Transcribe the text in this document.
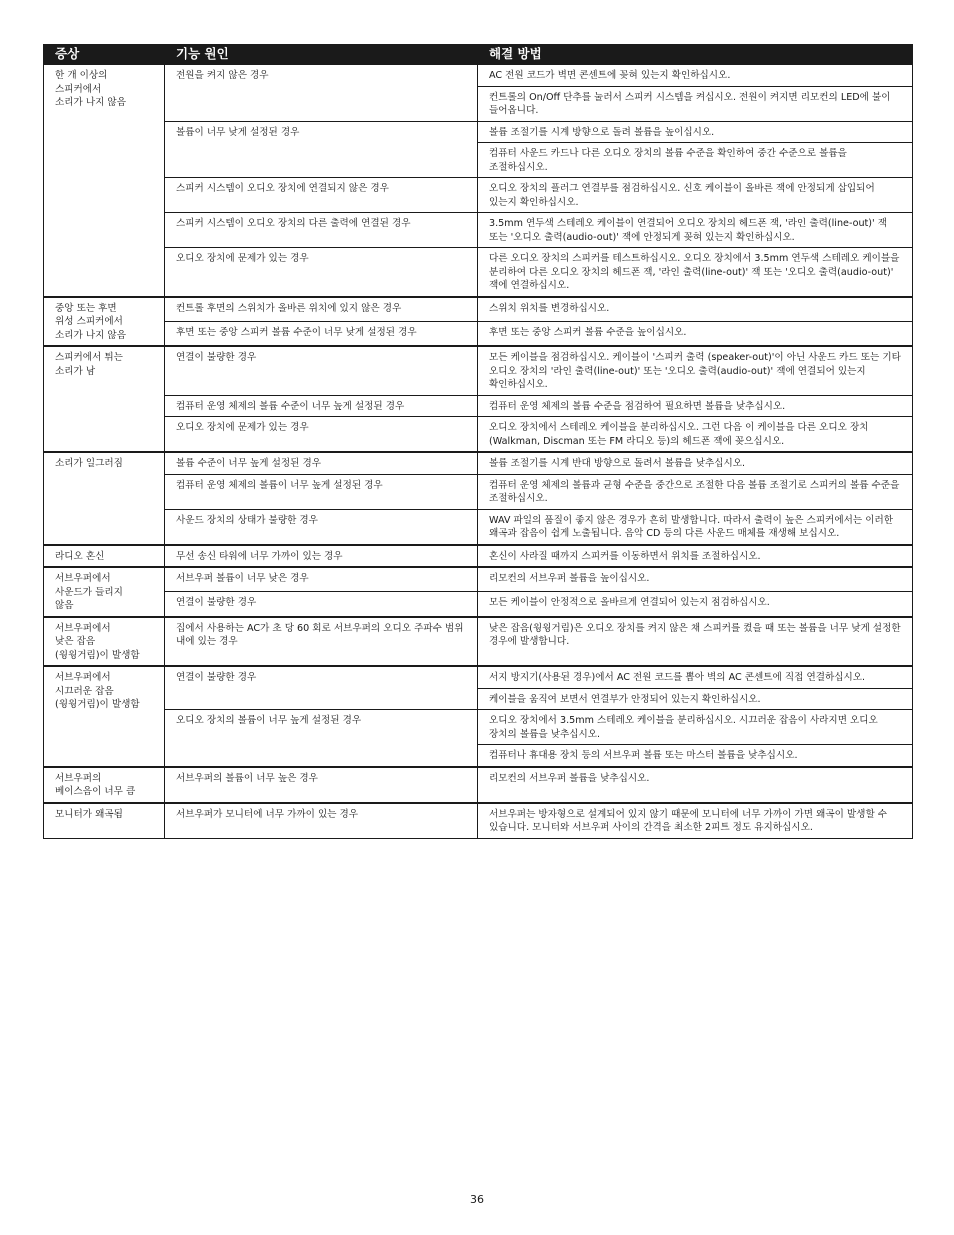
증상	기능 원인	해결 방법
한 개 이상의
스피커에서
소리가 나지 않음	전원을 켜지 않은 경우	AC 전원 코드가 벽면 콘센트에 꽂혀 있는지 확인하십시오.
		컨트롤의 On/Off 단추를 눌러서 스피커 시스템을 켜십시오. 전원이 켜지면 리모컨의 LED에 불이 들어옵니다.
	볼륨이 너무 낮게 설정된 경우	볼륨 조절기를 시계 방향으로 돌려 볼륨을 높이십시오.
		컴퓨터 사운드 카드나 다른 오디오 장치의 볼륨 수준을 확인하여 중간 수준으로 볼륨을 조절하십시오.
	스피커 시스템이 오디오 장치에 연결되지 않은 경우	오디오 장치의 플러그 연결부를 점검하십시오. 신호 케이블이 올바른 잭에 안정되게 삽입되어 있는지 확인하십시오.
	스피커 시스템이 오디오 장치의 다른 출력에 연결된 경우	3.5mm 연두색 스테레오 케이블이 연결되어 오디오 장치의 헤드폰 잭, '라인 출력(line-out)' 잭 또는 '오디오 출력(audio-out)' 잭에 안정되게 꽂혀 있는지 확인하십시오.
	오디오 장치에 문제가 있는 경우	다른 오디오 장치의 스피커를 테스트하십시오. 오디오 장치에서 3.5mm 연두색 스테레오 케이블을 분리하여 다른 오디오 장치의 헤드폰 잭, '라인 출력(line-out)' 잭 또는 '오디오 출력(audio-out)' 잭에 연결하십시오.
중앙 또는 후면
위성 스피커에서
소리가 나지 않음	컨트롤 후면의 스위치가 올바른 위치에 있지 않은 경우	스위치 위치를 변경하십시오.
	후면 또는 중앙 스피커 볼륨 수준이 너무 낮게 설정된 경우	후면 또는 중앙 스피커 볼륨 수준을 높이십시오.
스피커에서 튀는
소리가 남	연결이 불량한 경우	모든 케이블을 점검하십시오. 케이블이 '스피커 출력 (speaker-out)'이 아닌 사운드 카드 또는 기타 오디오 장치의 '라인 출력(line-out)' 또는 '오디오 출력(audio-out)' 잭에 연결되어 있는지 확인하십시오.
	컴퓨터 운영 체제의 볼륨 수준이 너무 높게 설정된 경우	컴퓨터 운영 체제의 볼륨 수준을 점검하여 필요하면 볼륨을 낮추십시오.
	오디오 장치에 문제가 있는 경우	오디오 장치에서 스테레오 케이블을 분리하십시오. 그런 다음 이 케이블을 다른 오디오 장치(Walkman, Discman 또는 FM 라디오 등)의 헤드폰 잭에 꽂으십시오.
소리가 일그러짐	볼륨 수준이 너무 높게 설정된 경우	볼륨 조절기를 시계 반대 방향으로 돌려서 볼륨을 낮추십시오.
	컴퓨터 운영 체제의 볼륨이 너무 높게 설정된 경우	컴퓨터 운영 체제의 볼륨과 균형 수준을 중간으로 조절한 다음 볼륨 조절기로 스피커의 볼륨 수준을 조절하십시오.
	사운드 장치의 상태가 불량한 경우	WAV 파일의 품질이 좋지 않은 경우가 흔히 발생합니다. 따라서 출력이 높은 스피커에서는 이러한 왜곡과 잡음이 쉽게 노출됩니다. 음악 CD 등의 다른 사운드 매체를 재생해 보십시오.
라디오 혼신	무선 송신 타워에 너무 가까이 있는 경우	혼신이 사라질 때까지 스피커를 이동하면서 위치를 조절하십시오.
서브우퍼에서
사운드가 들리지
않음	서브우퍼 볼륨이 너무 낮은 경우	리모컨의 서브우퍼 볼륨을 높이십시오.
	연결이 불량한 경우	모든 케이블이 안정적으로 올바르게 연결되어 있는지 점검하십시오.
서브우퍼에서
낮은 잡음
(윙윙거림)이 발생함	집에서 사용하는 AC가 초 당 60 회로 서브우퍼의 오디오 주파수 범위 내에 있는 경우	낮은 잡음(윙윙거림)은 오디오 장치를 켜지 않은 채 스피커를 켰을 때 또는 볼륨을 너무 낮게 설정한 경우에 발생합니다.
서브우퍼에서
시끄러운 잡음
(윙윙거림)이 발생함	연결이 불량한 경우	서지 방지기(사용된 경우)에서 AC 전원 코드를 뽑아 벽의 AC 콘센트에 직접 연결하십시오.
		케이블을 움직여 보면서 연결부가 안정되어 있는지 확인하십시오.
	오디오 장치의 볼륨이 너무 높게 설정된 경우	오디오 장치에서 3.5mm 스테레오 케이블을 분리하십시오. 시끄러운 잡음이 사라지면 오디오 장치의 볼륨을 낮추십시오.
		컴퓨터나 휴대용 장치 등의 서브우퍼 볼륨 또는 마스터 볼륨을 낮추십시오.
서브우퍼의
베이스음이 너무 큼	서브우퍼의 볼륨이 너무 높은 경우	리모컨의 서브우퍼 볼륨을 낮추십시오.
모니터가 왜곡됨	서브우퍼가 모니터에 너무 가까이 있는 경우	서브우퍼는 방자형으로 설계되어 있지 않기 때문에 모니터에 너무 가까이 가면 왜곡이 발생할 수 있습니다. 모니터와 서브우퍼 사이의 간격을 최소한 2피트 정도 유지하십시오.
36
